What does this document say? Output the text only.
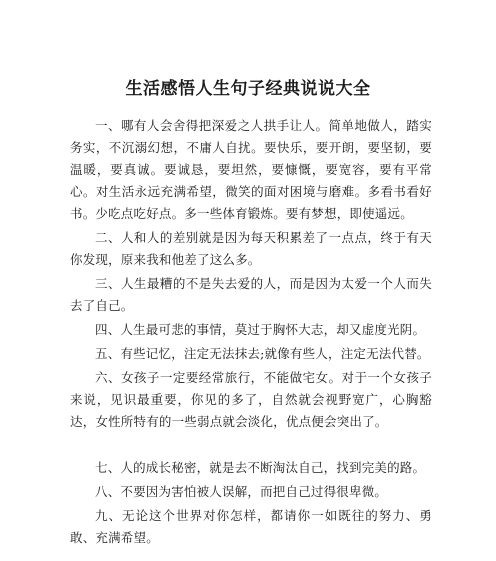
生活感悟人生句子经典说说大全

一、哪有人会舍得把深爱之人拱手让人。简单地做人，踏实务实，不沉溺幻想，不庸人自扰。要快乐，要开朗，要坚韧，要温暖，要真诚。要诚恳，要坦然，要慷慨，要宽容，要有平常心。对生活永远充满希望，微笑的面对困境与磨难。多看书看好书。少吃点吃好点。多一些体育锻炼。要有梦想，即使遥远。

二、人和人的差别就是因为每天积累差了一点点，终于有天你发现，原来我和他差了这么多。

三、人生最糟的不是失去爱的人，而是因为太爱一个人而失去了自己。

四、人生最可悲的事情，莫过于胸怀大志，却又虚度光阴。

五、有些记忆，注定无法抹去;就像有些人，注定无法代替。

六、女孩子一定要经常旅行，不能做宅女。对于一个女孩子来说，见识最重要，你见的多了，自然就会视野宽广，心胸豁达，女性所特有的一些弱点就会淡化，优点便会突出了。

七、人的成长秘密，就是去不断淘汰自己，找到完美的路。

八、不要因为害怕被人误解，而把自己过得很卑微。

九、无论这个世界对你怎样，都请你一如既往的努力、勇敢、充满希望。
